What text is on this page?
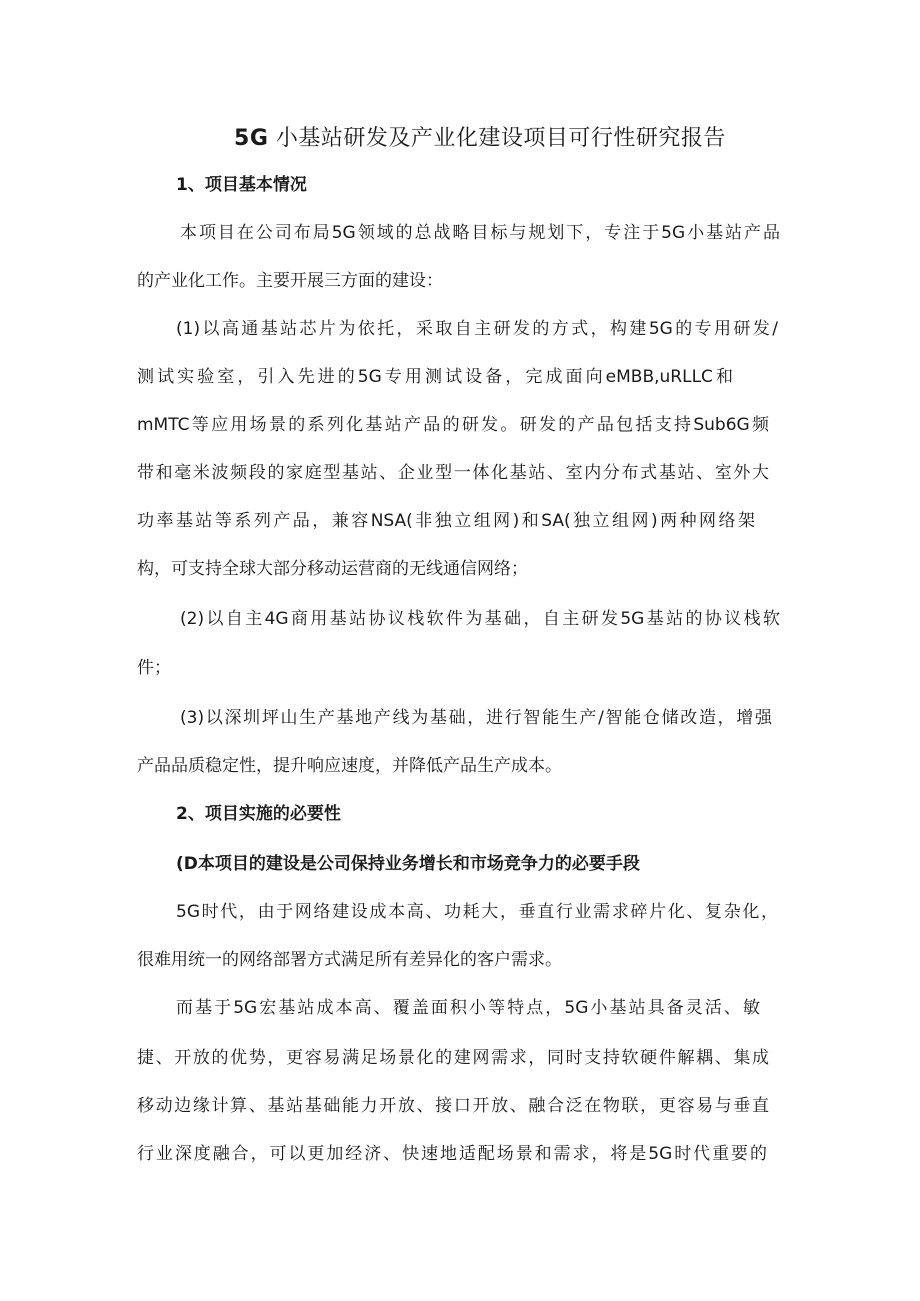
5G 小基站研发及产业化建设项目可行性研究报告
1、项目基本情况
本项目在公司布局5G领域的总战略目标与规划下，专注于5G小基站产品
的产业化工作。主要开展三方面的建设：
(1)以高通基站芯片为依托，采取自主研发的方式，构建5G的专用研发/
测试实验室，引入先进的5G专用测试设备，完成面向eMBB,uRLLC和
mMTC等应用场景的系列化基站产品的研发。研发的产品包括支持Sub6G频
带和毫米波频段的家庭型基站、企业型一体化基站、室内分布式基站、室外大
功率基站等系列产品，兼容NSA(非独立组网)和SA(独立组网)两种网络架
构，可支持全球大部分移动运营商的无线通信网络；
(2)以自主4G商用基站协议栈软件为基础，自主研发5G基站的协议栈软
件；
(3)以深圳坪山生产基地产线为基础，进行智能生产/智能仓储改造，增强
产品品质稳定性，提升响应速度，并降低产品生产成本。
2、项目实施的必要性
(D本项目的建设是公司保持业务增长和市场竞争力的必要手段
5G时代，由于网络建设成本高、功耗大，垂直行业需求碎片化、复杂化，
很难用统一的网络部署方式满足所有差异化的客户需求。
而基于5G宏基站成本高、覆盖面积小等特点，5G小基站具备灵活、敏
捷、开放的优势，更容易满足场景化的建网需求，同时支持软硬件解耦、集成
移动边缘计算、基站基础能力开放、接口开放、融合泛在物联，更容易与垂直
行业深度融合，可以更加经济、快速地适配场景和需求，将是5G时代重要的
